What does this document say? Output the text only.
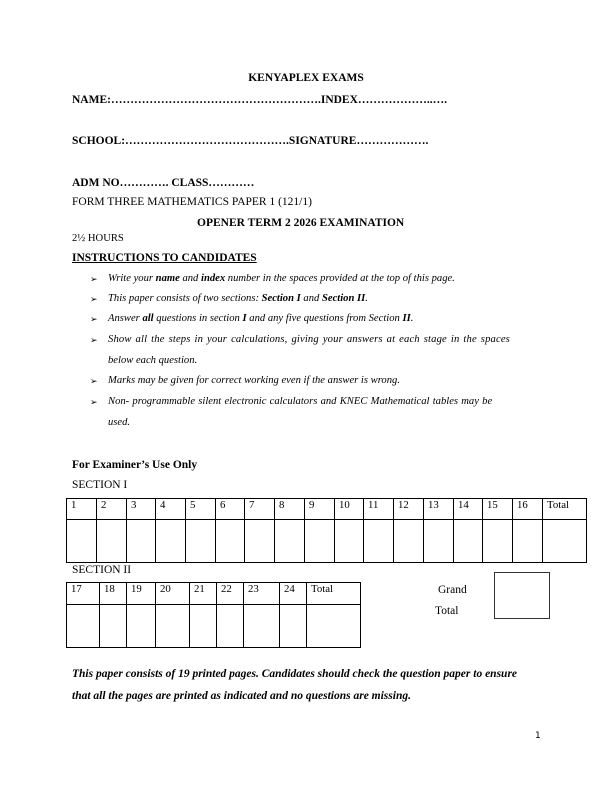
KENYAPLEX EXAMS
NAME:……………………………………………….INDEX………………..….
SCHOOL:…………………………………….SIGNATURE……………….
ADM NO…………. CLASS…………
FORM THREE MATHEMATICS PAPER 1 (121/1)
OPENER TERM 2 2026 EXAMINATION
2½ HOURS
INSTRUCTIONS TO CANDIDATES
➢ Write your name and index number in the spaces provided at the top of this page.
➢ This paper consists of two sections: Section I and Section II.
➢ Answer all questions in section I and any five questions from Section II.
➢ Show all the steps in your calculations, giving your answers at each stage in the spaces
below each question.
➢ Marks may be given for correct working even if the answer is wrong.
➢ Non- programmable silent electronic calculators and KNEC Mathematical tables may be
used.
For Examiner’s Use Only
SECTION I
1	2	3	4	5	6	7	8	9	10	11	12	13	14	15	16	Total

SECTION II
17	18	19	20	21	22	23	24	Total
									Grand
Total
This paper consists of 19 printed pages. Candidates should check the question paper to ensure
that all the pages are printed as indicated and no questions are missing.
1
